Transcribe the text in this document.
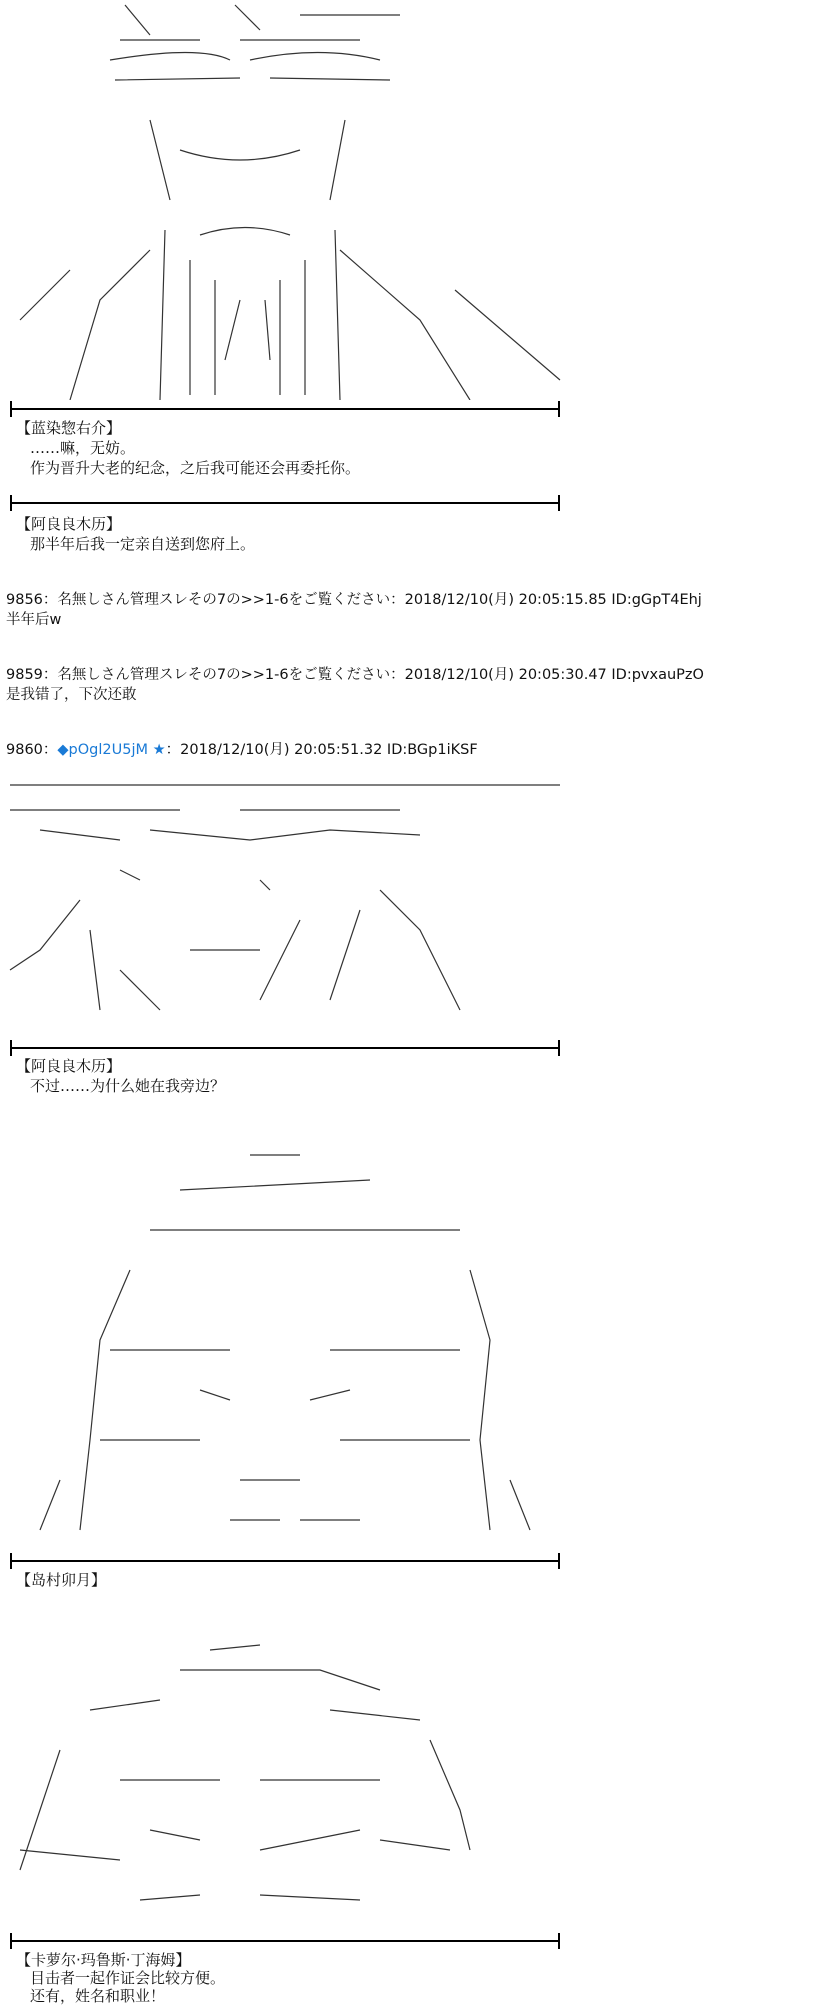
【蓝染惣右介】
……嘛，无妨。
作为晋升大老的纪念，之后我可能还会再委托你。
【阿良良木历】
那半年后我一定亲自送到您府上。
9856：名無しさん管理スレその7の>>1-6をご覧ください：2018/12/10(月) 20:05:15.85 ID:gGpT4Ehj
半年后w
9859：名無しさん管理スレその7の>>1-6をご覧ください：2018/12/10(月) 20:05:30.47 ID:pvxauPzO
是我错了，下次还敢
9860：◆pOgl2U5jM ★：2018/12/10(月) 20:05:51.32 ID:BGp1iKSF
【阿良良木历】
不过……为什么她在我旁边？
【岛村卯月】
【卡萝尔·玛鲁斯·丁海姆】
目击者一起作证会比较方便。
还有，姓名和职业！
